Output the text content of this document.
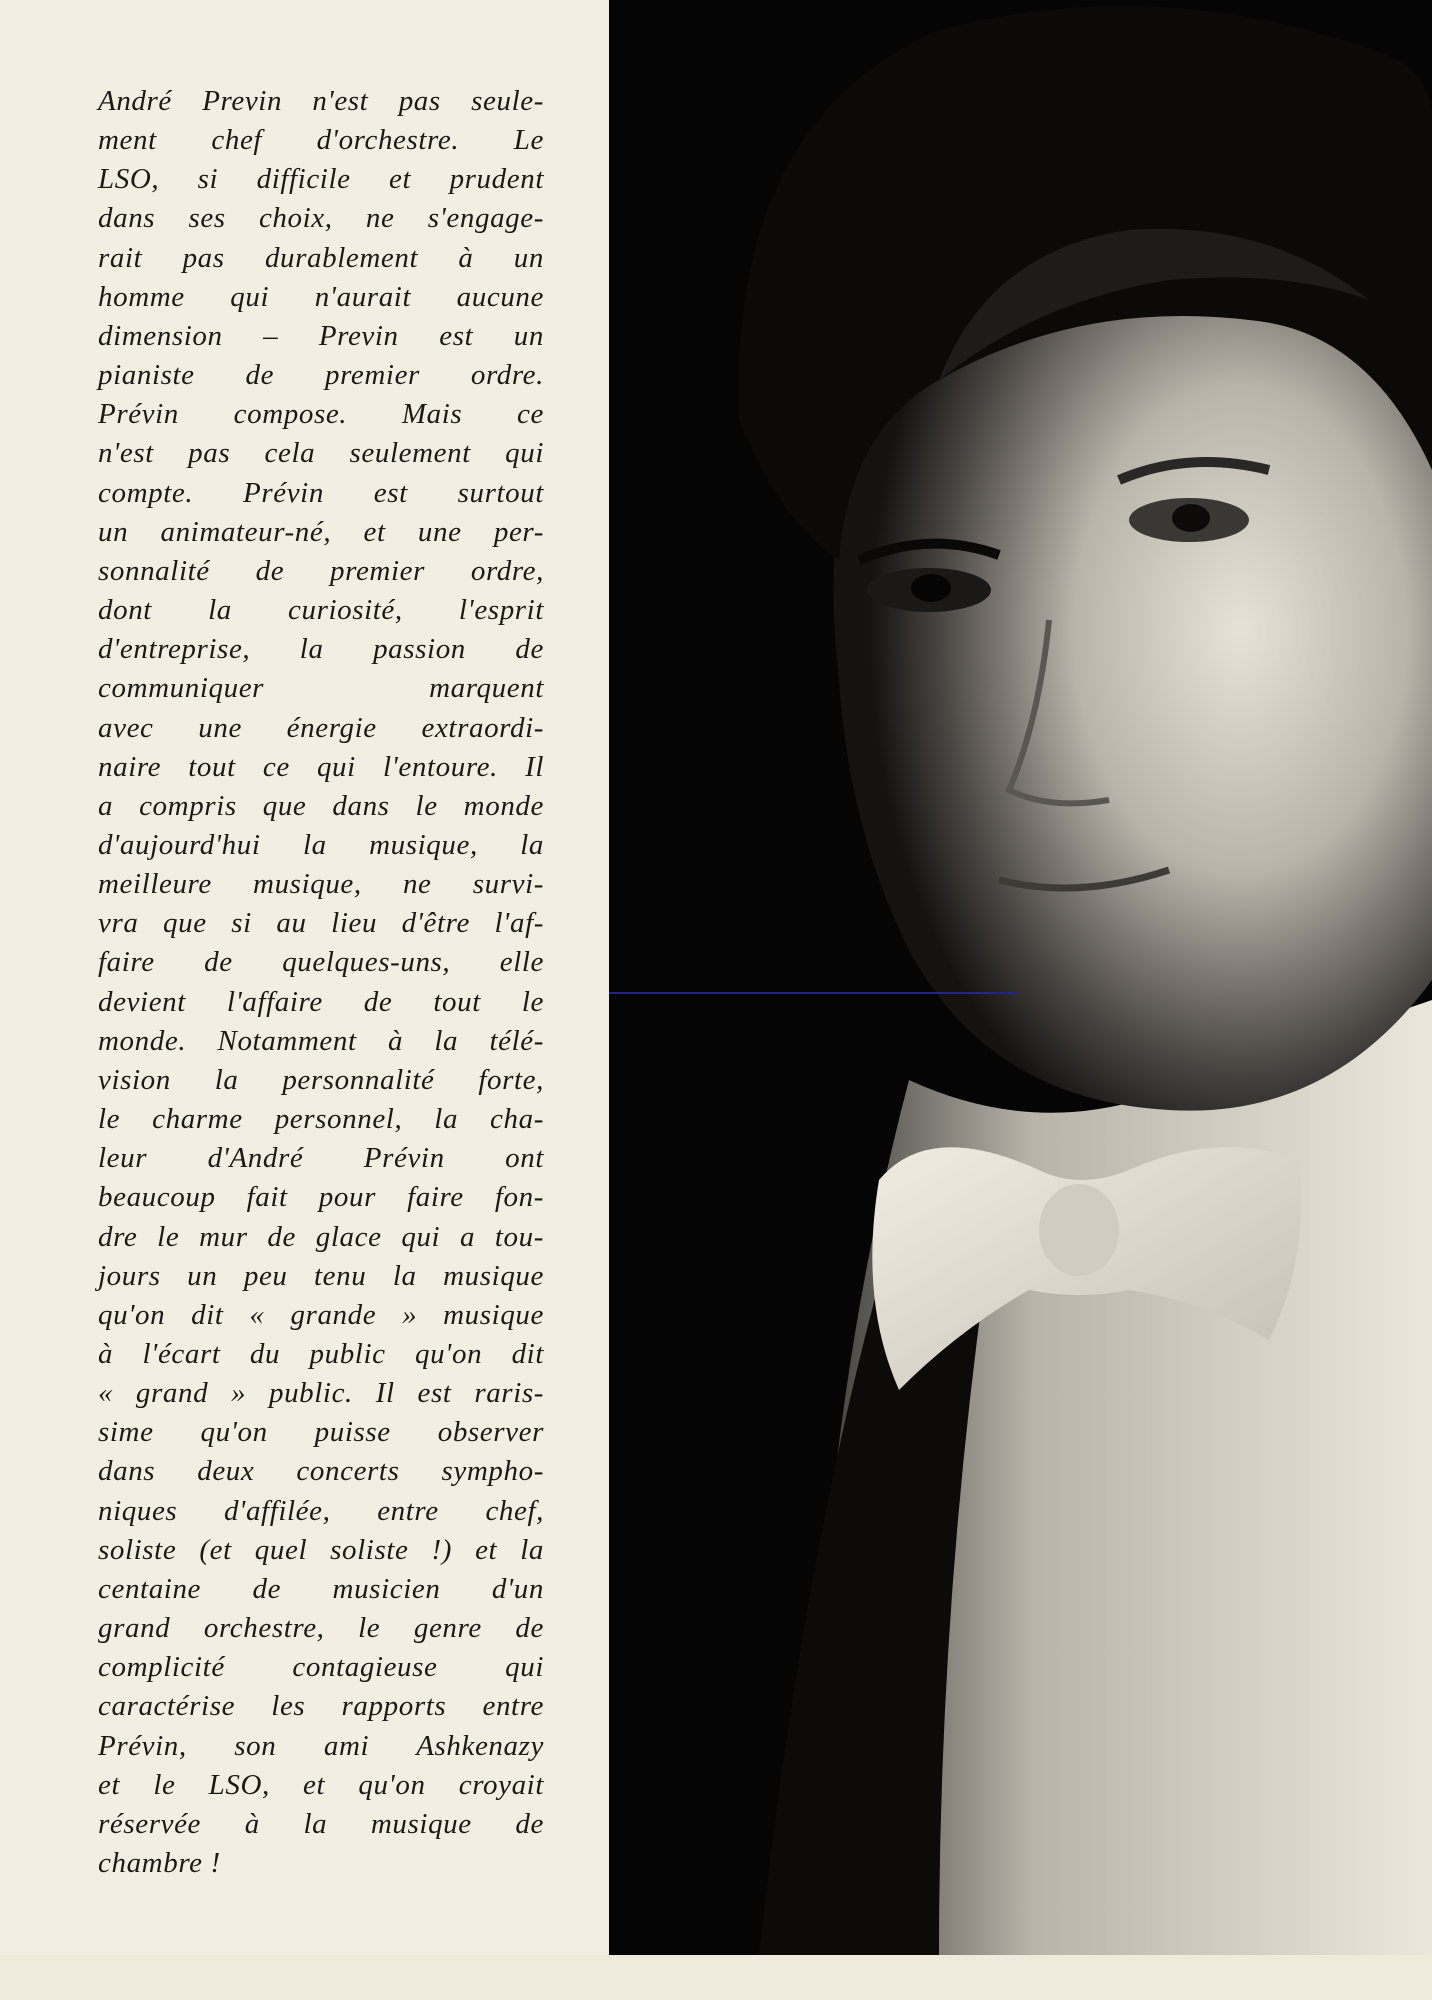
André Previn n'est pas seule-
ment chef d'orchestre. Le
LSO, si difficile et prudent
dans ses choix, ne s'engage-
rait pas durablement à un
homme qui n'aurait aucune
dimension – Previn est un
pianiste de premier ordre.
Prévin compose. Mais ce
n'est pas cela seulement qui
compte. Prévin est surtout
un animateur-né, et une per-
sonnalité de premier ordre,
dont la curiosité, l'esprit
d'entreprise, la passion de
communiquer marquent
avec une énergie extraordi-
naire tout ce qui l'entoure. Il
a compris que dans le monde
d'aujourd'hui la musique, la
meilleure musique, ne survi-
vra que si au lieu d'être l'af-
faire de quelques-uns, elle
devient l'affaire de tout le
monde. Notamment à la télé-
vision la personnalité forte,
le charme personnel, la cha-
leur d'André Prévin ont
beaucoup fait pour faire fon-
dre le mur de glace qui a tou-
jours un peu tenu la musique
qu'on dit « grande » musique
à l'écart du public qu'on dit
« grand » public. Il est raris-
sime qu'on puisse observer
dans deux concerts sympho-
niques d'affilée, entre chef,
soliste (et quel soliste !) et la
centaine de musicien d'un
grand orchestre, le genre de
complicité contagieuse qui
caractérise les rapports entre
Prévin, son ami Ashkenazy
et le LSO, et qu'on croyait
réservée à la musique de
chambre !
